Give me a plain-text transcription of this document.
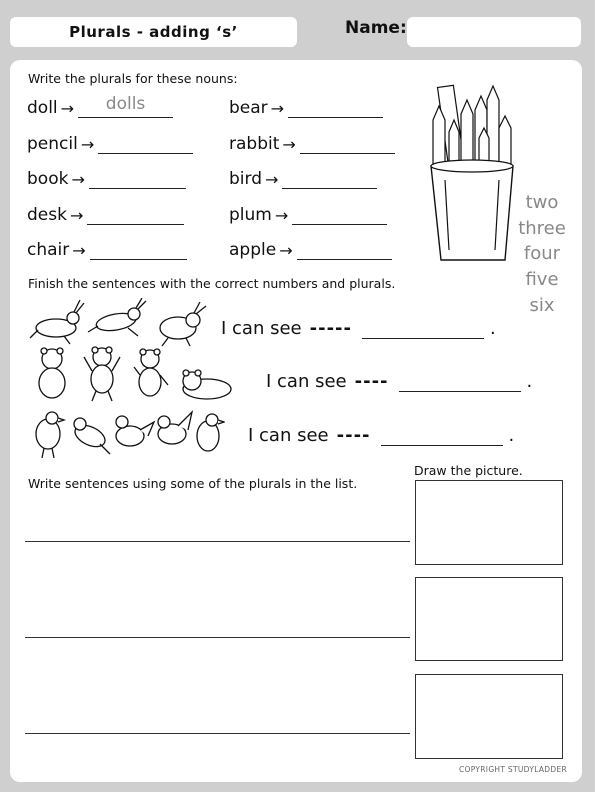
Plurals - adding ‘s’	Name:
Write the plurals for these nouns:
doll →	dolls
pencil →
book →
desk →
chair →
bear →
rabbit →
bird →
plum →
apple →
two
three
four
five
six
Finish the sentences with the correct numbers and plurals.
I can see -----	.
I can see ----	.
I can see ----	.
Write sentences using some of the plurals in the list.
Draw the picture.
COPYRIGHT STUDYLADDER
